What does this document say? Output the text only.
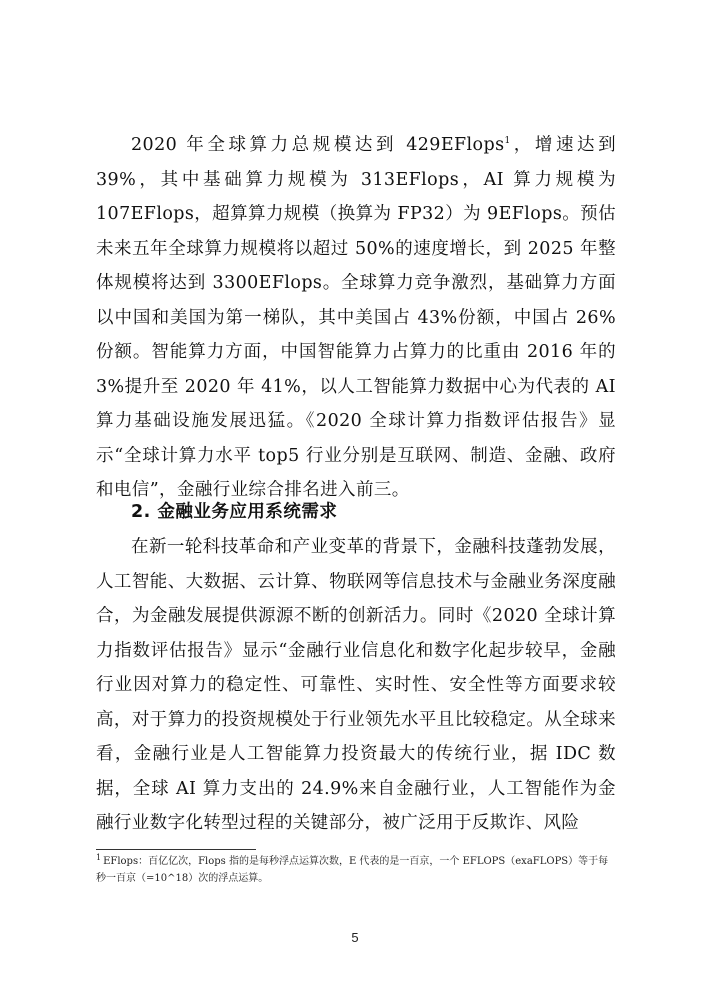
2020 年全球算力总规模达到 429EFlops$^1$，增速达到 39%，其中基础算力规模为 313EFlops，AI 算力规模为 107EFlops，超算算力规模（换算为 FP32）为 9EFlops。预估未来五年全球算力规模将以超过 50%的速度增长，到 2025 年整体规模将达到 3300EFlops。全球算力竞争激烈，基础算力方面以中国和美国为第一梯队，其中美国占 43%份额，中国占 26%份额。智能算力方面，中国智能算力占算力的比重由 2016 年的 3%提升至 2020 年 41%，以人工智能算力数据中心为代表的 AI 算力基础设施发展迅猛。《2020 全球计算力指数评估报告》显示“全球计算力水平 top5 行业分别是互联网、制造、金融、政府和电信”，金融行业综合排名进入前三。

2. 金融业务应用系统需求

在新一轮科技革命和产业变革的背景下，金融科技蓬勃发展，人工智能、大数据、云计算、物联网等信息技术与金融业务深度融合，为金融发展提供源源不断的创新活力。同时《2020 全球计算力指数评估报告》显示“金融行业信息化和数字化起步较早，金融行业因对算力的稳定性、可靠性、实时性、安全性等方面要求较高，对于算力的投资规模处于行业领先水平且比较稳定。从全球来看，金融行业是人工智能算力投资最大的传统行业，据 IDC 数据，全球 AI 算力支出的 24.9%来自金融行业，人工智能作为金融行业数字化转型过程的关键部分，被广泛用于反欺诈、风险

$^1$ EFlops：百亿亿次，Flops 指的是每秒浮点运算次数，E 代表的是一百京，一个 EFLOPS（exaFLOPS）等于每秒一百京（=10^18）次的浮点运算。
5
